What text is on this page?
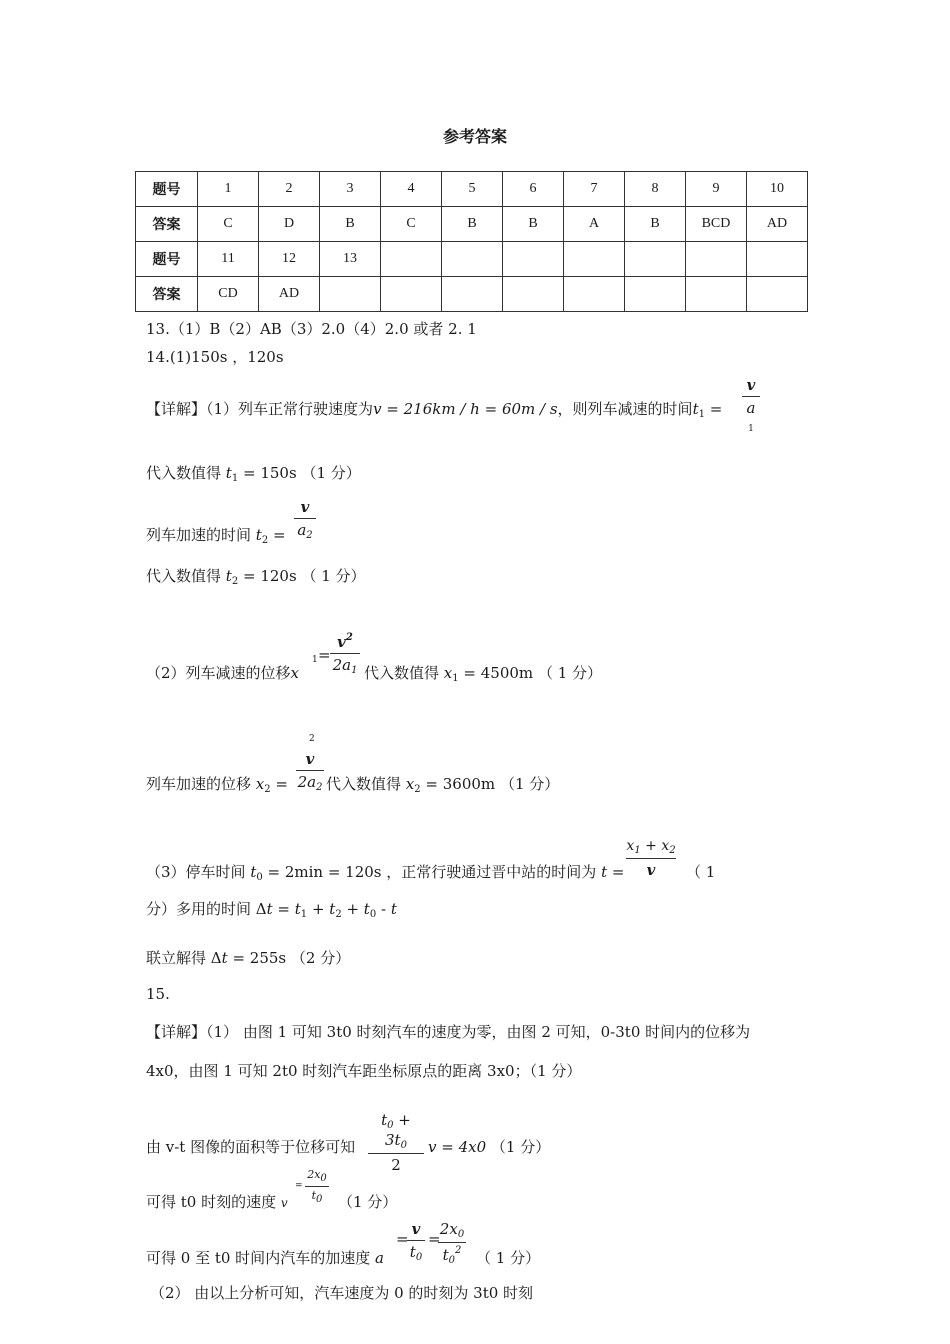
参考答案
题号	1	2	3	4	5	6	7	8	9	10
答案	C	D	B	C	B	B	A	B	BCD	AD
题号	11	12	13							
答案	CD	AD								
13.（1）B（2）AB（3）2.0（4）2.0 或者 2. 1
14.(1)150s ，120s
【详解】（1）列车正常行驶速度为v = 216km / h = 60m / s，则列车减速的时间$t_1$ =
v
a
1
代入数值得 $t_1 = 150s$ （1 分）
列车加速的时间 $t_2$ =
v
$a_2$
代入数值得 $t_2 = 120s$ （ 1 分）
（2）列车减速的位移x
1 =
$v^2$
$2a_1$ 代入数值得 $x_1 = 4500m$ （ 1 分）
2
列车加速的位移 $x_2$ =
v
$2a_2$ 代入数值得 $x_2 = 3600m$ （1 分）
（3）停车时间 $t_0 = 2\min = 120s$ ，正常行驶通过晋中站的时间为 t =
$x_1 + x_2$
v	（ 1
分）多用的时间 $\Delta t = t_1 + t_2 + t_0 - t$
联立解得 Δt = 255s （2 分）
15.
【详解】（1） 由图 1 可知 3t0 时刻汽车的速度为零，由图 2 可知，0-3t0 时间内的位移为
4x0，由图 1 可知 2t0 时刻汽车距坐标原点的距离 3x0；（1 分）
由 v-t 图像的面积等于位移可知
$t_0 + 3t_0$
2
v = 4x0 （1 分）
可得 t0 时刻的速度 v
=
2x0
t0	（1 分）
可得 0 至 t0 时间内汽车的加速度 a
=
v
$t_0$
=
$2x_0$
$t_0^2$ （ 1 分）
（2） 由以上分析可知，汽车速度为 0 的时刻为 3t0 时刻
